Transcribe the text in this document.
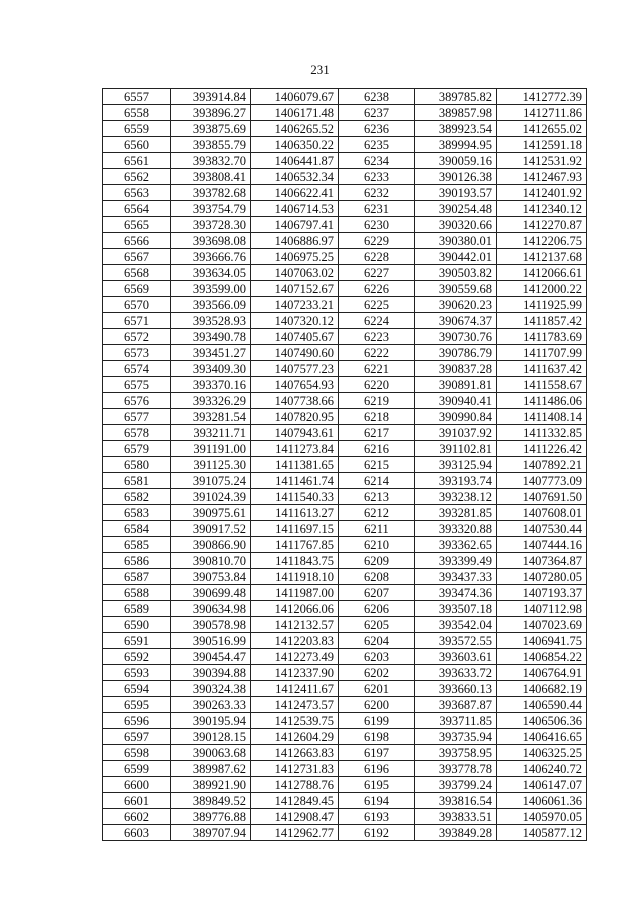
231
6557	393914.84	1406079.67	6238	389785.82	1412772.39
6558	393896.27	1406171.48	6237	389857.98	1412711.86
6559	393875.69	1406265.52	6236	389923.54	1412655.02
6560	393855.79	1406350.22	6235	389994.95	1412591.18
6561	393832.70	1406441.87	6234	390059.16	1412531.92
6562	393808.41	1406532.34	6233	390126.38	1412467.93
6563	393782.68	1406622.41	6232	390193.57	1412401.92
6564	393754.79	1406714.53	6231	390254.48	1412340.12
6565	393728.30	1406797.41	6230	390320.66	1412270.87
6566	393698.08	1406886.97	6229	390380.01	1412206.75
6567	393666.76	1406975.25	6228	390442.01	1412137.68
6568	393634.05	1407063.02	6227	390503.82	1412066.61
6569	393599.00	1407152.67	6226	390559.68	1412000.22
6570	393566.09	1407233.21	6225	390620.23	1411925.99
6571	393528.93	1407320.12	6224	390674.37	1411857.42
6572	393490.78	1407405.67	6223	390730.76	1411783.69
6573	393451.27	1407490.60	6222	390786.79	1411707.99
6574	393409.30	1407577.23	6221	390837.28	1411637.42
6575	393370.16	1407654.93	6220	390891.81	1411558.67
6576	393326.29	1407738.66	6219	390940.41	1411486.06
6577	393281.54	1407820.95	6218	390990.84	1411408.14
6578	393211.71	1407943.61	6217	391037.92	1411332.85
6579	391191.00	1411273.84	6216	391102.81	1411226.42
6580	391125.30	1411381.65	6215	393125.94	1407892.21
6581	391075.24	1411461.74	6214	393193.74	1407773.09
6582	391024.39	1411540.33	6213	393238.12	1407691.50
6583	390975.61	1411613.27	6212	393281.85	1407608.01
6584	390917.52	1411697.15	6211	393320.88	1407530.44
6585	390866.90	1411767.85	6210	393362.65	1407444.16
6586	390810.70	1411843.75	6209	393399.49	1407364.87
6587	390753.84	1411918.10	6208	393437.33	1407280.05
6588	390699.48	1411987.00	6207	393474.36	1407193.37
6589	390634.98	1412066.06	6206	393507.18	1407112.98
6590	390578.98	1412132.57	6205	393542.04	1407023.69
6591	390516.99	1412203.83	6204	393572.55	1406941.75
6592	390454.47	1412273.49	6203	393603.61	1406854.22
6593	390394.88	1412337.90	6202	393633.72	1406764.91
6594	390324.38	1412411.67	6201	393660.13	1406682.19
6595	390263.33	1412473.57	6200	393687.87	1406590.44
6596	390195.94	1412539.75	6199	393711.85	1406506.36
6597	390128.15	1412604.29	6198	393735.94	1406416.65
6598	390063.68	1412663.83	6197	393758.95	1406325.25
6599	389987.62	1412731.83	6196	393778.78	1406240.72
6600	389921.90	1412788.76	6195	393799.24	1406147.07
6601	389849.52	1412849.45	6194	393816.54	1406061.36
6602	389776.88	1412908.47	6193	393833.51	1405970.05
6603	389707.94	1412962.77	6192	393849.28	1405877.12
